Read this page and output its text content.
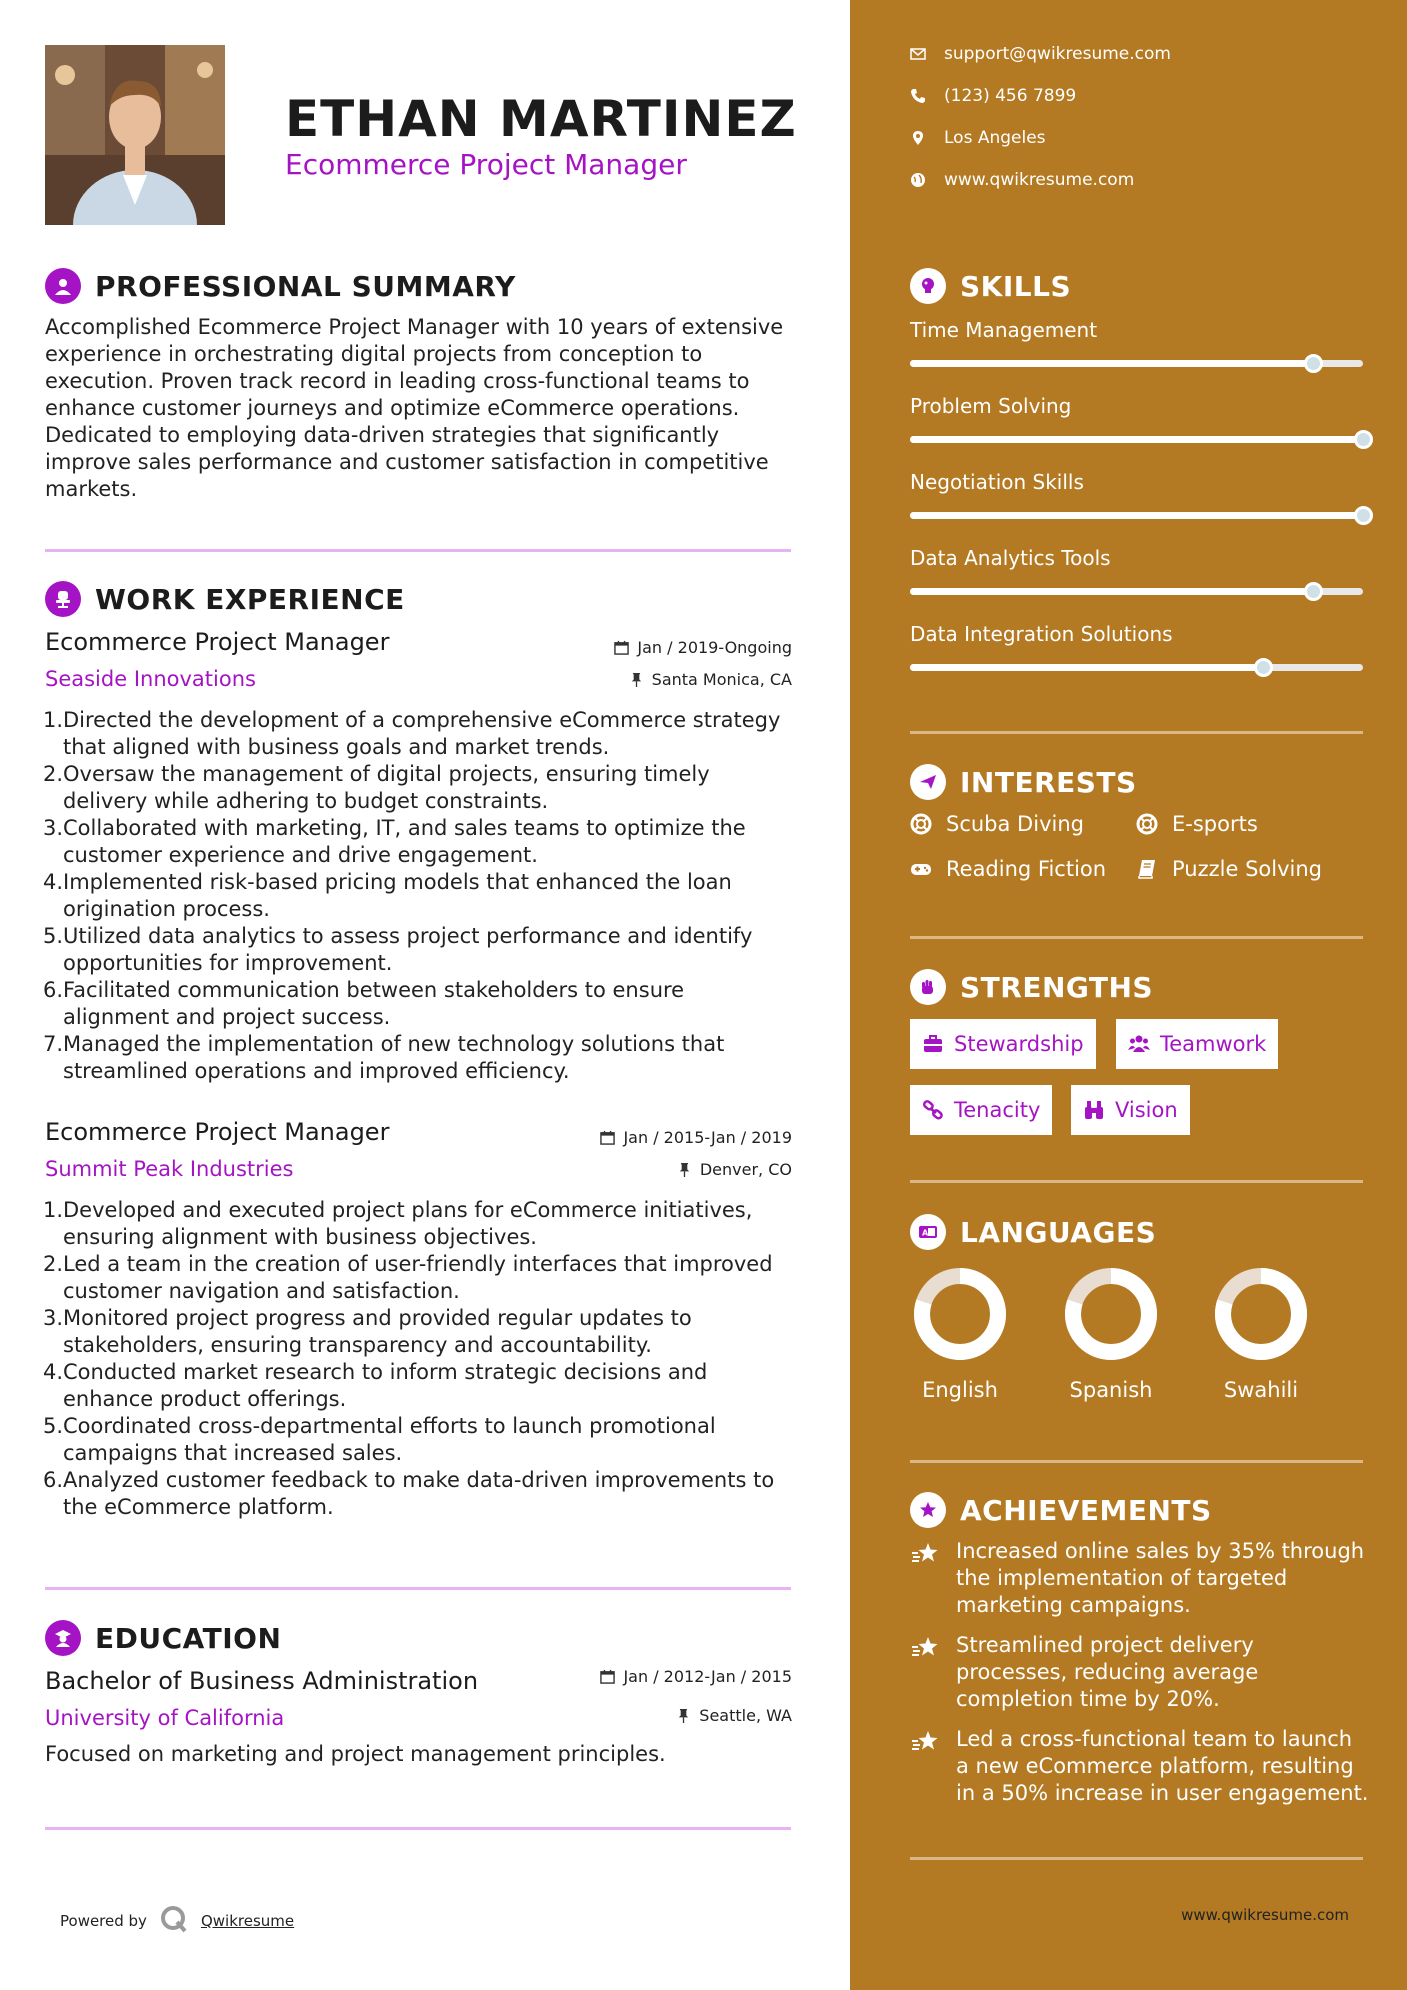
ETHAN MARTINEZ
Ecommerce Project Manager
PROFESSIONAL SUMMARY
Accomplished Ecommerce Project Manager with 10 years of extensive
experience in orchestrating digital projects from conception to
execution. Proven track record in leading cross-functional teams to
enhance customer journeys and optimize eCommerce operations.
Dedicated to employing data-driven strategies that significantly
improve sales performance and customer satisfaction in competitive
markets.
WORK EXPERIENCE
Ecommerce Project Manager	Jan / 2019-Ongoing
Seaside Innovations	Santa Monica, CA
1. Directed the development of a comprehensive eCommerce strategy
that aligned with business goals and market trends.
2. Oversaw the management of digital projects, ensuring timely
delivery while adhering to budget constraints.
3. Collaborated with marketing, IT, and sales teams to optimize the
customer experience and drive engagement.
4. Implemented risk-based pricing models that enhanced the loan
origination process.
5. Utilized data analytics to assess project performance and identify
opportunities for improvement.
6. Facilitated communication between stakeholders to ensure
alignment and project success.
7. Managed the implementation of new technology solutions that
streamlined operations and improved efficiency.
Ecommerce Project Manager	Jan / 2015-Jan / 2019
Summit Peak Industries	Denver, CO
1. Developed and executed project plans for eCommerce initiatives,
ensuring alignment with business objectives.
2. Led a team in the creation of user-friendly interfaces that improved
customer navigation and satisfaction.
3. Monitored project progress and provided regular updates to
stakeholders, ensuring transparency and accountability.
4. Conducted market research to inform strategic decisions and
enhance product offerings.
5. Coordinated cross-departmental efforts to launch promotional
campaigns that increased sales.
6. Analyzed customer feedback to make data-driven improvements to
the eCommerce platform.
EDUCATION
Bachelor of Business Administration	Jan / 2012-Jan / 2015
University of California	Seattle, WA
Focused on marketing and project management principles.
Powered by	Qwikresume
support@qwikresume.com
(123) 456 7899
Los Angeles
www.qwikresume.com
SKILLS
Time Management
Problem Solving
Negotiation Skills
Data Analytics Tools
Data Integration Solutions
INTERESTS
Scuba Diving	E-sports
Reading Fiction	Puzzle Solving
STRENGTHS
Stewardship	Teamwork
Tenacity	Vision
A LANGUAGES
English	Spanish	Swahili
ACHIEVEMENTS
Increased online sales by 35% through
the implementation of targeted
marketing campaigns.
Streamlined project delivery
processes, reducing average
completion time by 20%.
Led a cross-functional team to launch
a new eCommerce platform, resulting
in a 50% increase in user engagement.
www.qwikresume.com
